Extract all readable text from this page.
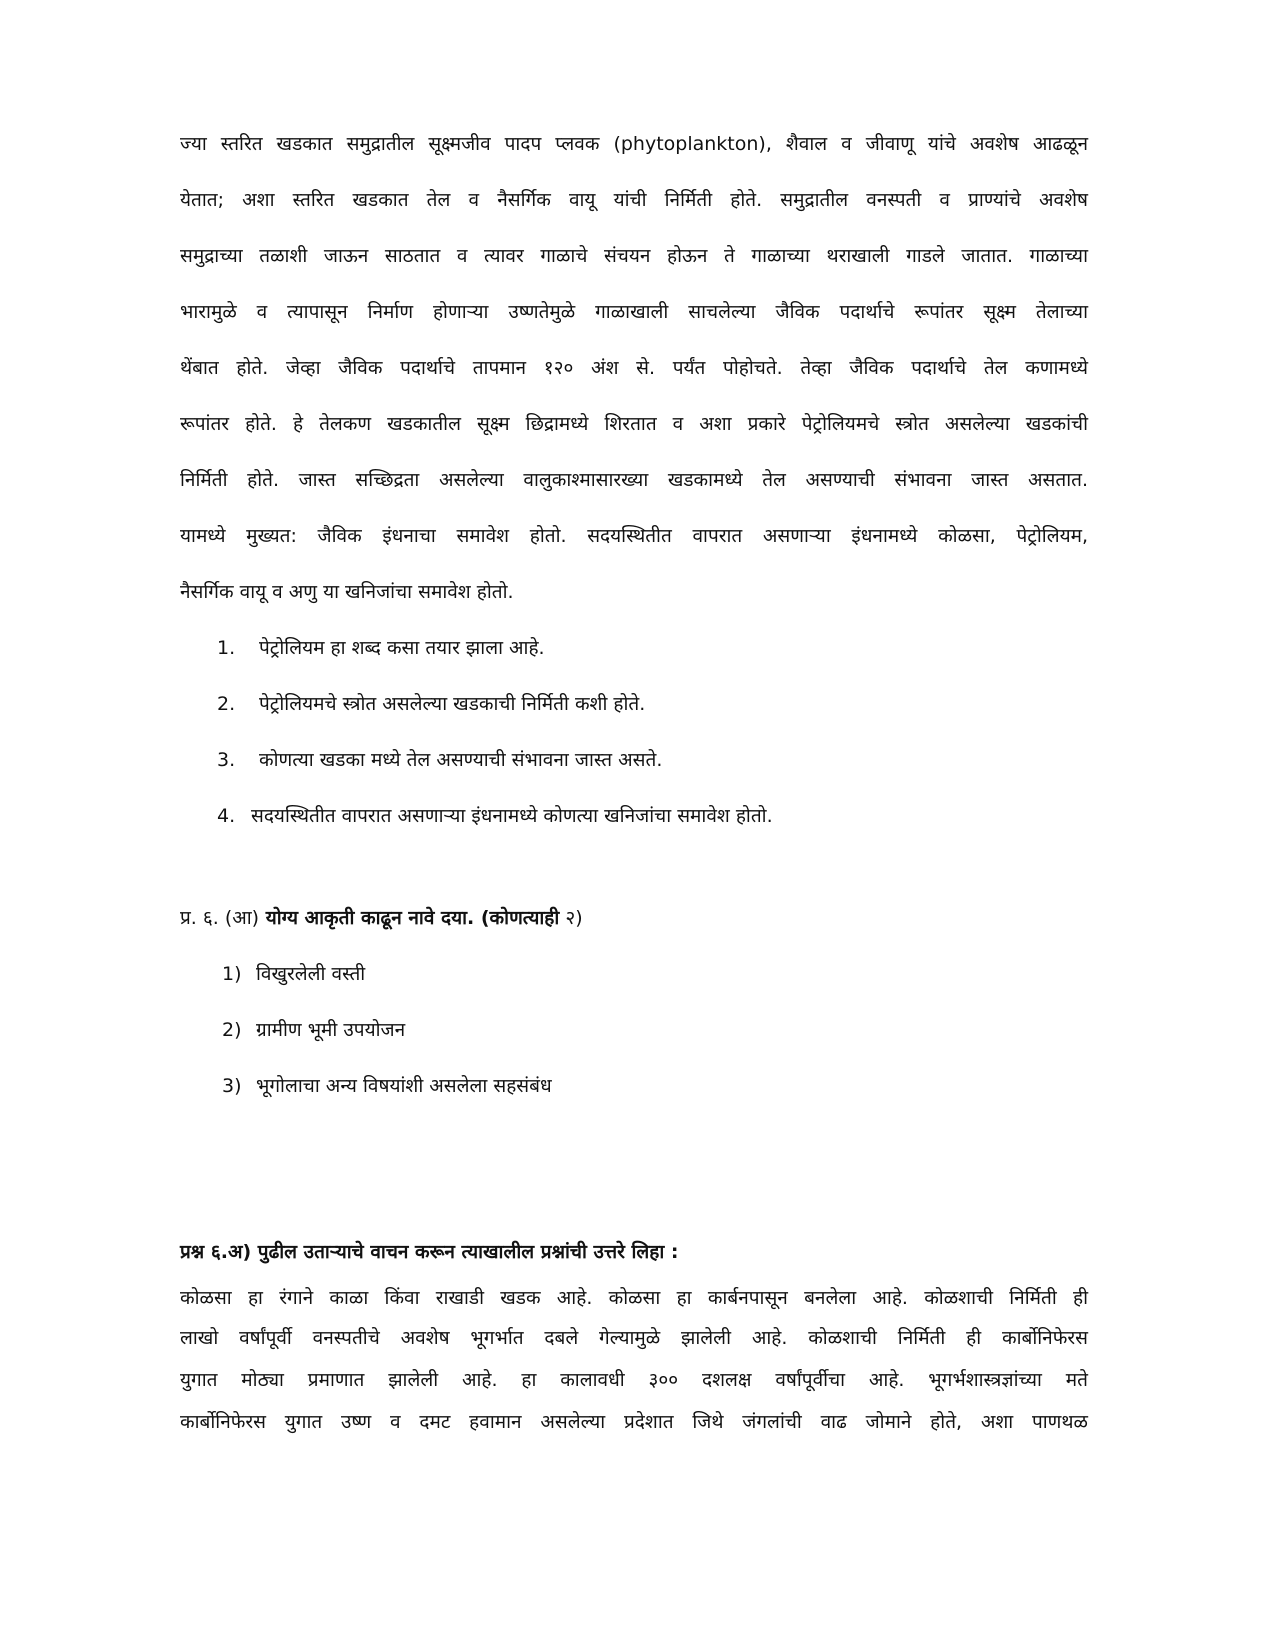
ज्या स्तरित खडकात समुद्रातील सूक्ष्मजीव पादप प्लवक (phytoplankton), शैवाल व जीवाणू यांचे अवशेष आढळून
येतात; अशा स्तरित खडकात तेल व नैसर्गिक वायू यांची निर्मिती होते. समुद्रातील वनस्पती व प्राण्यांचे अवशेष
समुद्राच्या तळाशी जाऊन साठतात व त्यावर गाळाचे संचयन होऊन ते गाळाच्या थराखाली गाडले जातात. गाळाच्या
भारामुळे व त्यापासून निर्माण होणाऱ्या उष्णतेमुळे गाळाखाली साचलेल्या जैविक पदार्थाचे रूपांतर सूक्ष्म तेलाच्या
थेंबात होते. जेव्हा जैविक पदार्थाचे तापमान १२० अंश से. पर्यंत पोहोचते. तेव्हा जैविक पदार्थाचे तेल कणामध्ये
रूपांतर होते. हे तेलकण खडकातील सूक्ष्म छिद्रामध्ये शिरतात व अशा प्रकारे पेट्रोलियमचे स्त्रोत असलेल्या खडकांची
निर्मिती होते. जास्त सच्छिद्रता असलेल्या वालुकाश्मासारख्या खडकामध्ये तेल असण्याची संभावना जास्त असतात.
यामध्ये मुख्यत: जैविक इंधनाचा समावेश होतो. सदयस्थितीत वापरात असणाऱ्या इंधनामध्ये कोळसा, पेट्रोलियम,
नैसर्गिक वायू व अणु या खनिजांचा समावेश होतो.
1. पेट्रोलियम हा शब्द कसा तयार झाला आहे.
2. पेट्रोलियमचे स्त्रोत असलेल्या खडकाची निर्मिती कशी होते.
3. कोणत्या खडका मध्ये तेल असण्याची संभावना जास्त असते.
4. सदयस्थितीत वापरात असणाऱ्या इंधनामध्ये कोणत्या खनिजांचा समावेश होतो.
प्र. ६. (आ) योग्य आकृती काढून नावे दया. (कोणत्याही २)
1) विखुरलेली वस्ती
2) ग्रामीण भूमी उपयोजन
3) भूगोलाचा अन्य विषयांशी असलेला सहसंबंध
प्रश्न ६.अ) पुढील उताऱ्याचे वाचन करून त्याखालील प्रश्नांची उत्तरे लिहा :
कोळसा हा रंगाने काळा किंवा राखाडी खडक आहे. कोळसा हा कार्बनपासून बनलेला आहे. कोळशाची निर्मिती ही
लाखो वर्षांपूर्वी वनस्पतीचे अवशेष भूगर्भात दबले गेल्यामुळे झालेली आहे. कोळशाची निर्मिती ही कार्बोनिफेरस
युगात मोठ्या प्रमाणात झालेली आहे. हा कालावधी ३०० दशलक्ष वर्षांपूर्वीचा आहे. भूगर्भशास्त्रज्ञांच्या मते
कार्बोनिफेरस युगात उष्ण व दमट हवामान असलेल्या प्रदेशात जिथे जंगलांची वाढ जोमाने होते, अशा पाणथळ
